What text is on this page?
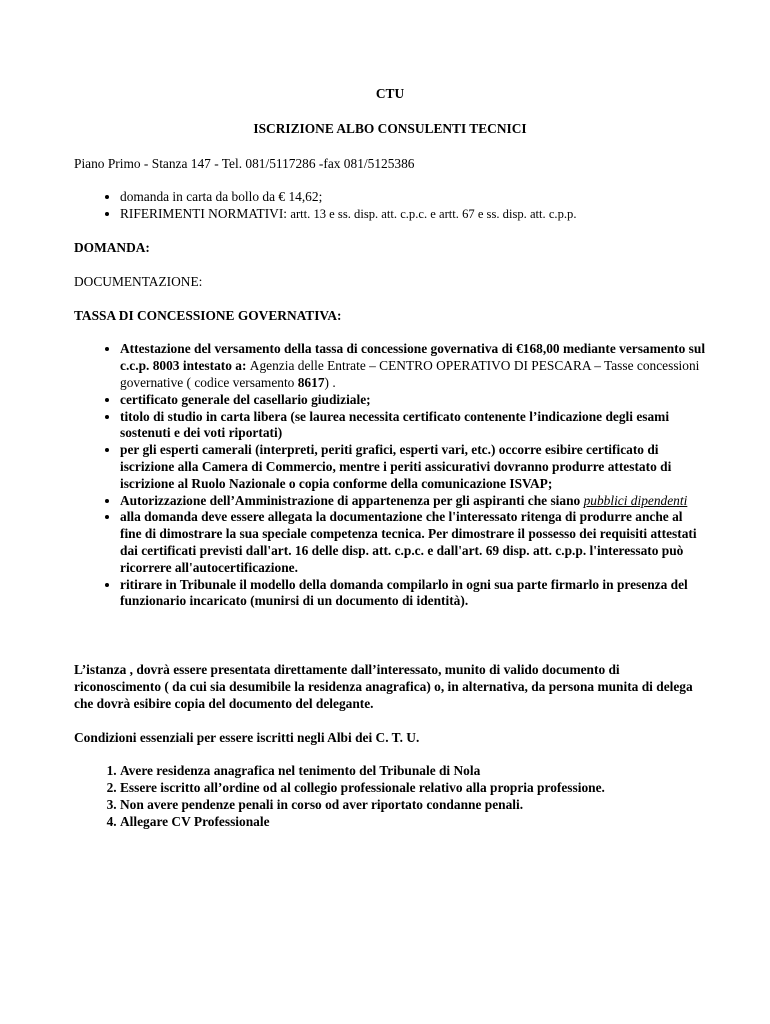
CTU

ISCRIZIONE ALBO CONSULENTI TECNICI

Piano Primo - Stanza 147 - Tel. 081/5117286 -fax 081/5125386

• domanda in carta da bollo da € 14,62;
• RIFERIMENTI NORMATIVI: artt. 13 e ss. disp. att. c.p.c. e artt. 67 e ss. disp. att. c.p.p.

DOMANDA:

DOCUMENTAZIONE:

TASSA DI CONCESSIONE GOVERNATIVA:

• Attestazione del versamento della tassa di concessione governativa di €168,00 mediante versamento sul c.c.p. 8003 intestato a: Agenzia delle Entrate – CENTRO OPERATIVO DI PESCARA – Tasse concessioni governative ( codice versamento 8617) .
• certificato generale del casellario giudiziale;
• titolo di studio in carta libera (se laurea necessita certificato contenente l’indicazione degli esami sostenuti e dei voti riportati)
• per gli esperti camerali (interpreti, periti grafici, esperti vari, etc.) occorre esibire certificato di iscrizione alla Camera di Commercio, mentre i periti assicurativi dovranno produrre attestato di iscrizione al Ruolo Nazionale o copia conforme della comunicazione ISVAP;
• Autorizzazione dell’Amministrazione di appartenenza per gli aspiranti che siano pubblici dipendenti
• alla domanda deve essere allegata la documentazione che l'interessato ritenga di produrre anche al fine di dimostrare la sua speciale competenza tecnica. Per dimostrare il possesso dei requisiti attestati dai certificati previsti dall'art. 16 delle disp. att. c.p.c. e dall'art. 69 disp. att. c.p.p. l'interessato può ricorrere all'autocertificazione.
• ritirare in Tribunale il modello della domanda compilarlo in ogni sua parte firmarlo in presenza del funzionario incaricato (munirsi di un documento di identità).

L’istanza , dovrà essere presentata direttamente dall’interessato, munito di valido documento di riconoscimento ( da cui sia desumibile la residenza anagrafica) o, in alternativa, da persona munita di delega che dovrà esibire copia del documento del delegante.

Condizioni essenziali per essere iscritti negli Albi dei C. T. U.

1. Avere residenza anagrafica nel tenimento del Tribunale di Nola
2. Essere iscritto all’ordine od al collegio professionale relativo alla propria professione.
3. Non avere pendenze penali in corso od aver riportato condanne penali.
4. Allegare CV Professionale
